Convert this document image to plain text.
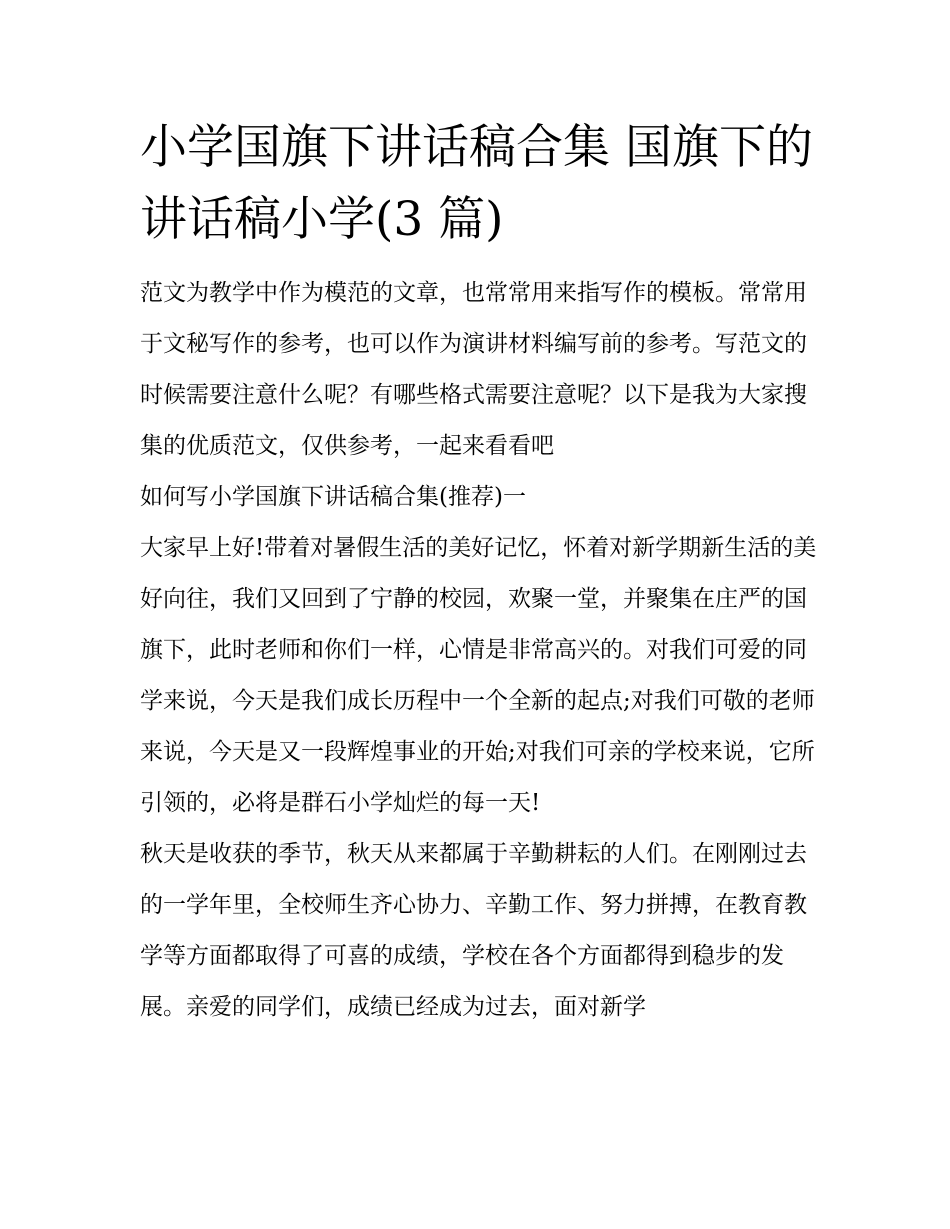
小学国旗下讲话稿合集 国旗下的讲话稿小学(3 篇)

范文为教学中作为模范的文章，也常常用来指写作的模板。常常用于文秘写作的参考，也可以作为演讲材料编写前的参考。写范文的时候需要注意什么呢？有哪些格式需要注意呢？以下是我为大家搜集的优质范文，仅供参考，一起来看看吧

如何写小学国旗下讲话稿合集(推荐)一

大家早上好!带着对暑假生活的美好记忆，怀着对新学期新生活的美好向往，我们又回到了宁静的校园，欢聚一堂，并聚集在庄严的国旗下，此时老师和你们一样，心情是非常高兴的。对我们可爱的同学来说，今天是我们成长历程中一个全新的起点;对我们可敬的老师来说，今天是又一段辉煌事业的开始;对我们可亲的学校来说，它所引领的，必将是群石小学灿烂的每一天!

秋天是收获的季节，秋天从来都属于辛勤耕耘的人们。在刚刚过去的一学年里，全校师生齐心协力、辛勤工作、努力拼搏，在教育教学等方面都取得了可喜的成绩，学校在各个方面都得到稳步的发展。亲爱的同学们，成绩已经成为过去，面对新学
